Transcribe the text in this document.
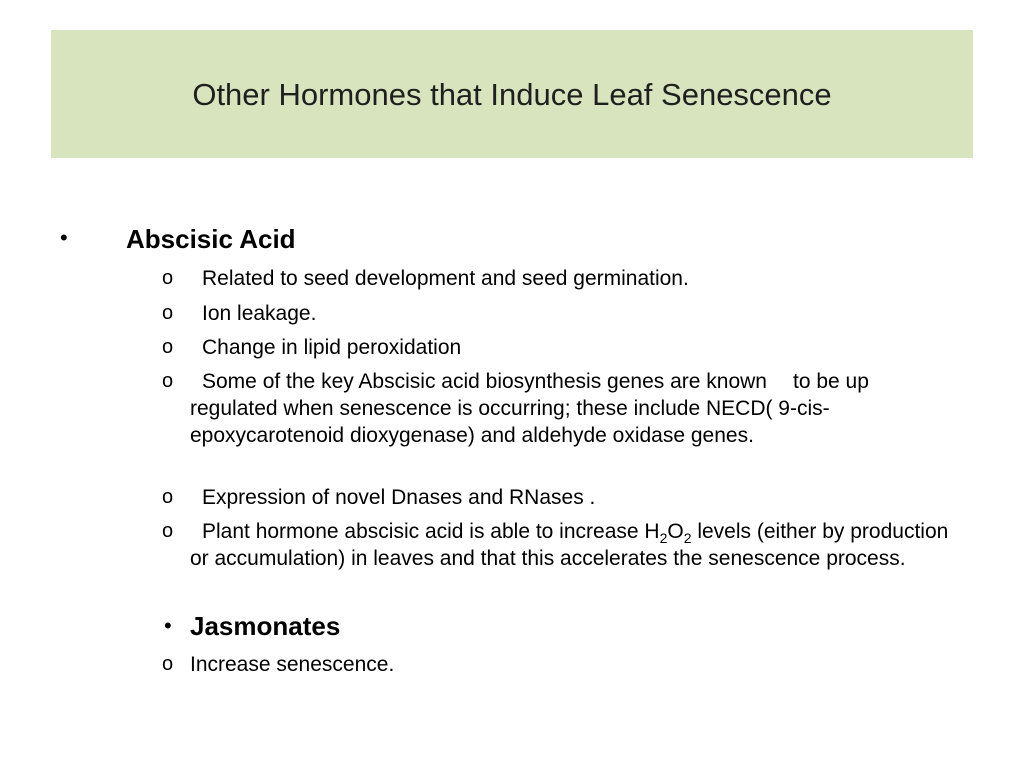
Other Hormones that Induce Leaf Senescence
• Abscisic Acid
o	Related to seed development and seed germination.
o	Ion leakage.
o	Change in lipid peroxidation
o	Some of the key Abscisic acid biosynthesis genes are known to be up regulated when senescence is occurring; these include NECD( 9-cis-epoxycarotenoid dioxygenase) and aldehyde oxidase genes.
o	Expression of novel Dnases and RNases .
o	Plant hormone abscisic acid is able to increase $H_2O_2$ levels (either by production or accumulation) in leaves and that this accelerates the senescence process.
• Jasmonates
o Increase senescence.
